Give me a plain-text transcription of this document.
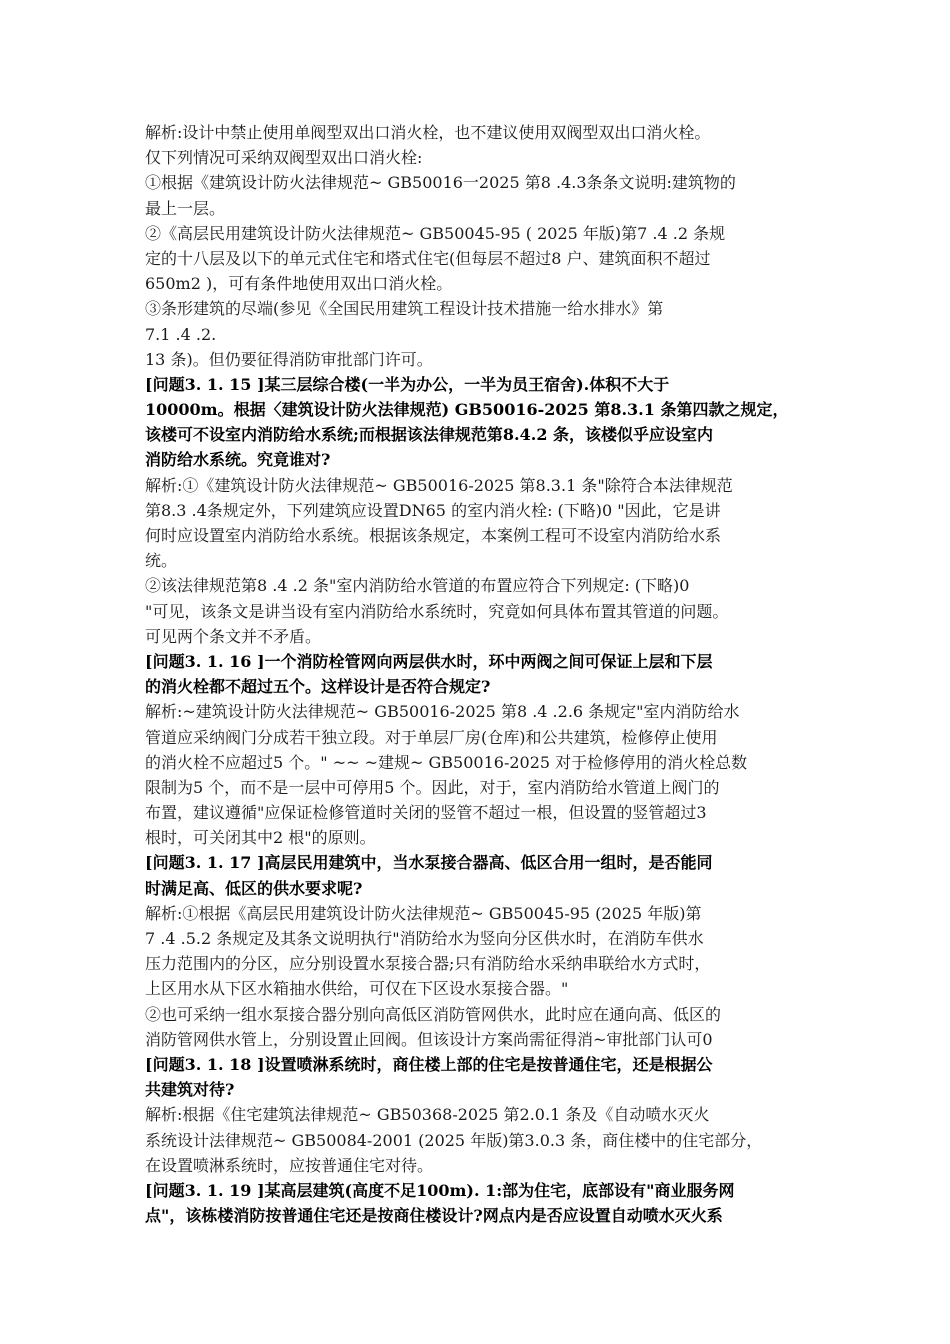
解析:设计中禁止使用单阀型双出口消火栓，也不建议使用双阀型双出口消火栓。
仅下列情况可采纳双阀型双出口消火栓:
①根据《建筑设计防火法律规范~ GB50016一2025 第8 .4.3条条文说明:建筑物的
最上一层。
②《高层民用建筑设计防火法律规范~ GB50045-95 ( 2025 年版)第7 .4 .2 条规
定的十八层及以下的单元式住宅和塔式住宅(但每层不超过8 户、建筑面积不超过
650m2 )，可有条件地使用双出口消火栓。
③条形建筑的尽端(参见《全国民用建筑工程设计技术措施一给水排水》第
7.1 .4 .2.
13 条)。但仍要征得消防审批部门许可。
[问题3. 1. 15 ]某三层综合楼(一半为办公，一半为员王宿舍).体积不大于
10000m。根据〈建筑设计防火法律规范) GB50016-2025 第8.3.1 条第四款之规定，
该楼可不设室内消防给水系统;而根据该法律规范第8.4.2 条，该楼似乎应设室内
消防给水系统。究竟谁对?
解析:①《建筑设计防火法律规范~ GB50016-2025 第8.3.1 条"除符合本法律规范
第8.3 .4条规定外，下列建筑应设置DN65 的室内消火栓: (下略)0 "因此，它是讲
何时应设置室内消防给水系统。根据该条规定，本案例工程可不设室内消防给水系
统。
②该法律规范第8 .4 .2 条"室内消防给水管道的布置应符合下列规定: (下略)0
"可见，该条文是讲当设有室内消防给水系统时，究竟如何具体布置其管道的问题。
可见两个条文并不矛盾。
[问题3. 1. 16 ]一个消防栓管网向两层供水时，环中两阀之间可保证上层和下层
的消火栓都不超过五个。这样设计是否符合规定?
解析:~建筑设计防火法律规范~ GB50016-2025 第8 .4 .2.6 条规定"室内消防给水
管道应采纳阀门分成若干独立段。对于单层厂房(仓库)和公共建筑，检修停止使用
的消火栓不应超过5 个。" ~~ ~建规~ GB50016-2025 对于检修停用的消火栓总数
限制为5 个，而不是一层中可停用5 个。因此，对于，室内消防给水管道上阀门的
布置，建议遵循"应保证检修管道时关闭的竖管不超过一根，但设置的竖管超过3
根时，可关闭其中2 根"的原则。
[问题3. 1. 17 ]高层民用建筑中，当水泵接合器高、低区合用一组时，是否能同
时满足高、低区的供水要求呢?
解析:①根据《高层民用建筑设计防火法律规范~ GB50045-95 (2025 年版)第
7 .4 .5.2 条规定及其条文说明执行"消防给水为竖向分区供水时，在消防车供水
压力范围内的分区，应分别设置水泵接合器;只有消防给水采纳串联给水方式时，
上区用水从下区水箱抽水供给，可仅在下区设水泵接合器。"
②也可采纳一组水泵接合器分别向高低区消防管网供水，此时应在通向高、低区的
消防管网供水管上，分别设置止回阀。但该设计方案尚需征得消~审批部门认可0
[问题3. 1. 18 ]设置喷淋系统时，商住楼上部的住宅是按普通住宅，还是根据公
共建筑对待?
解析:根据《住宅建筑法律规范~ GB50368-2025 第2.0.1 条及《自动喷水灭火
系统设计法律规范~ GB50084-2001 (2025 年版)第3.0.3 条，商住楼中的住宅部分，
在设置喷淋系统时，应按普通住宅对待。
[问题3. 1. 19 ]某高层建筑(高度不足100m). 1:部为住宅，底部设有"商业服务网
点"，该栋楼消防按普通住宅还是按商住楼设计?网点内是否应设置自动喷水灭火系
